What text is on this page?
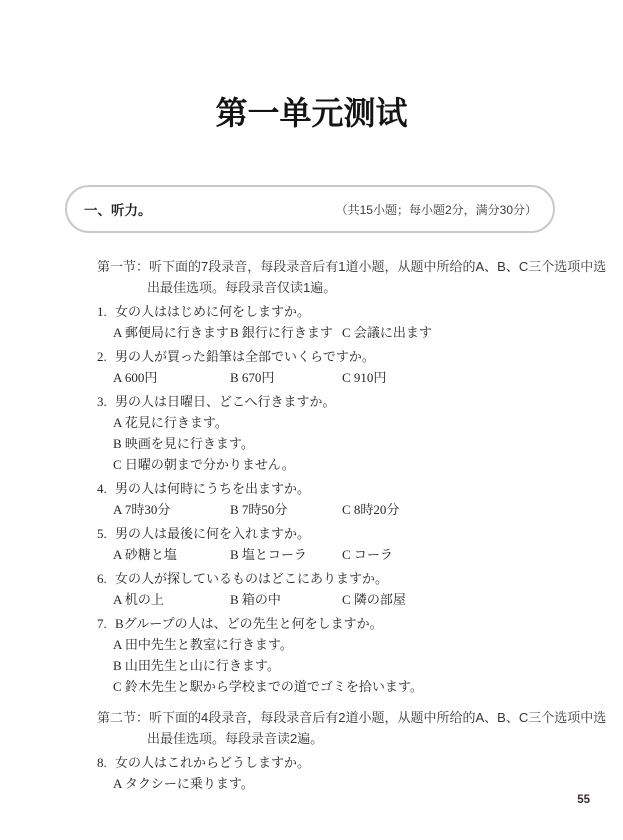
第一单元测试
一、听力。	（共15小题；每小题2分，满分30分）
第一节：听下面的7段录音，每段录音后有1道小题，从题中所给的A、B、C三个选项中选
出最佳选项。每段录音仅读1遍。
1. 女の人ははじめに何をしますか。
A 郵便局に行きますB 銀行に行きます C 会議に出ます
2. 男の人が買った鉛筆は全部でいくらですか。
A 600円	B 670円	C 910円
3. 男の人は日曜日、どこへ行きますか。
A 花見に行きます。
B 映画を見に行きます。
C 日曜の朝まで分かりません。
4. 男の人は何時にうちを出ますか。
A 7時30分	B 7時50分	C 8時20分
5. 男の人は最後に何を入れますか。
A 砂糖と塩	B 塩とコーラ	C コーラ
6. 女の人が探しているものはどこにありますか。
A 机の上	B 箱の中	C 隣の部屋
7. Bグループの人は、どの先生と何をしますか。
A 田中先生と教室に行きます。
B 山田先生と山に行きます。
C 鈴木先生と駅から学校までの道でゴミを拾います。
第二节：听下面的4段录音，每段录音后有2道小题，从题中所给的A、B、C三个选项中选
出最佳选项。每段录音读2遍。
8. 女の人はこれからどうしますか。
A タクシーに乗ります。
55
